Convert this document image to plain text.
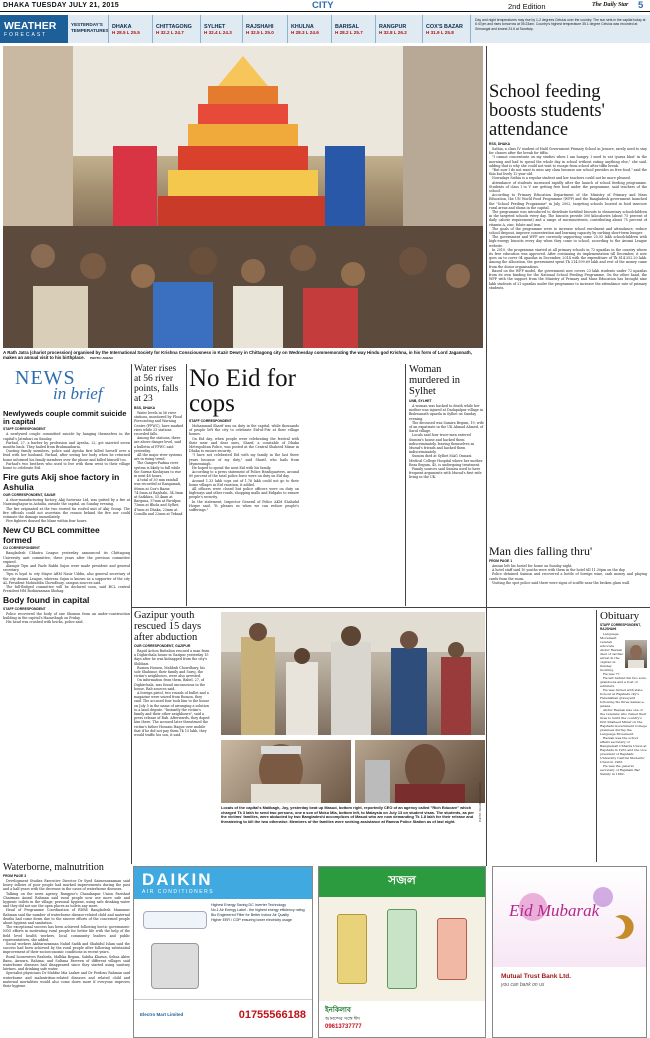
DHAKA TUESDAY JULY 21, 2015	CITY	2nd Edition	The Daily Star 5
WEATHER
FORECAST
YESTERDAY'S TEMPERATURES
DHAKA
H 28.5 L 25.5
CHITTAGONG
H 32.2 L 24.7
SYLHET
H 32.4 L 24.3
RAJSHAHI
H 32.5 L 25.0
KHULNA
H 28.3 L 24.6
BARISAL
H 28.2 L 25.7
RANGPUR
H 32.8 L 26.2
COX'S BAZAR
H 31.9 L 25.8
Day and night temperatures may rise by 1-2 degrees Celsius over the country. The sun sets in the capital today at 6:47pm and rises tomorrow at 05:23am. Country's highest temperature 35.1 degree Celsius was recorded at Srimangal and lowest 24.6 at Sandwip.
A Rath Jatra (chariot procession) organised by the International Society for Krishna Consciousness in Kazir Dewry in Chittagong city on Wednesday commemorating the way Hindu god Krishna, in his form of Lord Jagannath, makes an annual visit to his birthplace. PHOTO: ANJAN
School feeding boosts students' attendance
RSS, DHAKA

Sathia, a class IV student of Halil Government Primary School in Jessore, rarely used to stay for classes after the break for tiffin.

"I cannot concentrate on my studies when I am hungry. I used to eat 'guava bhat' in the morning and had to spend the whole day in school without eating anything else," she said, adding that is why she could not wait to escape from school after tiffin break.

"But now I do not want to miss any class because our school provides us free food," said the thin but lively 12-year-old.

Nowadays Sathia is a regular student and her teachers could not be more pleased.

Attendance of students increased rapidly after the launch of school feeding programme. Students of class I to V are getting free food under the programme, said teachers of the school.

According to Primary Education Department of the Ministry of Primary and Mass Education, the UN World Food Programme (WFP) and the Bangladesh government launched the "School Feeding Programme" in July 2002, targeting schools located in food insecure rural areas and slums in the capital.

The programme was introduced to distribute fortified biscuits to elementary schoolchildren in the targeted schools every day. The biscuits provide 300 kilocalories (about 75 percent of daily calorie requirement) and a range of micronutrients, contributing about 75 percent of vitamin A, zinc, folate and iron.

The goals of the programme were to increase school enrolment and attendance, reduce school dropout, improve concentration and learning capacity by curbing short-term hunger.

The government and WFP are currently supporting some 25.55 lakh schoolchildren with high-energy biscuits every day when they come to school, according to the Awami League website.

In 2010, the programme started at all primary schools in 72 upazilas in the country where its free education was approved. After continuing its implementation till December, it now goes on to cover 94 upazilas in December, 2014 with the expenditure of Tk 814.352.20 lakh. Among the allocation, the government spent Tk 214.599.69 lakh and rest of the money came from the donor organisations.

Based on the WFP model, the government now covers 23 lakh students under 72 upazilas from its own funding for the National School Feeding Programme. On the other hand, the WFP with the support from the Ministry of Primary and Mass Education has brought nine lakh students of 21 upazilas under the programme to increase the attendance rate of primary students.

NEWS
in brief
Newlyweds couple commit suicide in capital
STAFF CORRESPONDENT

A newlywed couple committed suicide by hanging themselves in the capital's Jatrabari on Sunday.

Farhad, 27, a barber by profession and Ayesha, 22, got married seven months back. They hailed from Brahmanbaria.

Quoting family members, police said Ayesha first killed herself over a feud with her husband. Farhad, after seeing her body when he returned home informed his family members over the phone and killed himself too.

Farhad's two brothers who used to live with them went to their village home to celebrate Eid.

Fire guts Akij shoe factory in Ashulia
OUR CORRESPONDENT, SAVAR

A shoe-manufacturing factory, Akij footwear Ltd, was gutted by a fire at Narasinghapur in Ashulia, outside the capital, on Sunday evening.

The fire originated at the two storied tin roofed unit of Akij Group. The fire officials could not ascertain the reason behind the fire nor could estimate the damage immediately.

Fire fighters doused the blaze within four hours.

New CU BCL committee formed
CU CORRESPONDENT

Bangladesh Chhatra League yesterday announced its Chittagong University unit committee, three years after the previous committee expired.

Alamgir Tipu and Fazle Rabbi Sujon were made president and general secretary.

Tipu is loyal to city Mayor ABM Nasir Uddin, also general secretary of the city Awami League, whereas Sujan is known as a supporter of the city AL President Mohiuddin Chowdhury, campus sources said.

The full-fledged committee will be declared soon, said BCL central President HM Bodiuzzaman Shohag.

Body found in capital
STAFF CORRESPONDENT

Police recovered the body of one Shomon from an under-construction building in the capital's Hazaribagh on Friday.

His head was crushed with bricks, police said.

Waterborne, malnutrition
FROM PAGE 3

Development Studies Executive Director Dr Syed Saimenuzzaman said heavy inflows of poor people had marked improvements during the past and a half years with the decrease in the cases of waterborne diseases.

Talking on the news agency, Rangpur's Chandanpur Union Parishad Chairman Anisul Rahman said rural people now use more safe and hygienic toilets in the village, personal hygiene, using safe drinking water and they did not use the open places as toilets any more.

Head of Programme Coordination of RDRS Bangladesh Mamunur Rahman said the number of waterborne disease-related child and maternal deaths had come down due to the sincere efforts of the concerned people about hygiene and sanitation.

The exceptional success has been achieved following hectic government-NGO efforts in motivating rural people for better life with the help of the field level health workers, local community leaders and public representatives, she added.

Social workers Akhtaruzzaman Nahid Sadik and Shahidul Islam said the success had been achieved by the rural people after following substantial improvement of their socioeconomic conditions in recent years.

Rural housewives Rasheda, Mallika Begum, Sabiha Khatun, Selina Akter Banu, Anwara, Rahima, and Sultana Parveen of different villages said waterborne diseases had disappeared since they started using sanitary latrines, and drinking safe water.

Specialist physicians Dr Mahfuz Mia Lasker and Dr Ferdous Rahman said waterborne and malnutrition-related diseases and related child and maternal mortalities would also come down more if everyone improves their hygiene.

Water rises at 56 river points, falls at 23
BSS, DHAKA

Water levels in 56 river stations, monitored by Flood Forecasting and Warning Centre (FFWC), have marked rises while 23 stations recorded falls.

Among the stations, there are above danger level, said a bulletin of FFWC said yesterday.

All the major river systems are in rising trend.

The Ganges-Padma river system is likely to fall while the Surma-Kushiyara to rise in next 48 hours.

A total of 30 mm rainfall was recorded at Rangamati, 80mm at Cox's Bazar, 74.5mm at Rajshahi, 54.5mm at Satkhira, 53.4mm at Barguna, 57mm at Faridpur, 73mm at Bhola and Sylhet, 47mm at Dhaka, 23mm at Comilla and 22mm at Teknaf.

No Eid for cops
STAFF CORRESPONDENT

Mohammad Sharif was on duty in the capital, while thousands of people left the city to celebrate Eid-ul-Fitr at their village homes.

On Eid day, when people were celebrating the festival with their near and dear ones, Sharif, a constable of Dhaka Metropolitan Police, was posted at the Central Shaheed Minar in Dhaka to ensure security.

"I have not celebrated Eid with my family in the last three years because of my duty," said Sharif, who hails from Mymensingh.

He hoped to spend the next Eid with his family.

According to a press statement of Police Headquarters, around 80 percent of the total police force were on duty on Eid day.

Around 1.33 lakh cops out of 1.76 lakh could not go to their home villages in Eid vacation, it added.

All officers were closed but police officers were on duty on highways and other roads, shopping malls and Eidgahs to ensure people's security.

In the statement, Inspector General of Police AKM Shahidul Hoque said, "It pleases us when we can reduce people's sufferings."

Woman murdered in Sylhet
UNB, SYLHET

A woman was hacked to death while her mother was injured at Dadapalpur village in Bishwanath upazila in Sylhet on Sunday evening.

The deceased was Sumira Begum, 19, wife of an expatriate in the UK Ahmad Ahmed, of Sarul village.

Locals said four truce-men entered Sumira's house and hacked them indiscriminately, leaving themselves as Murad's friends and hacked them indiscriminately.

Sumira died at Sylhet MAG Osmani Medical College Hospital where her mother Reza Begum, 45, is undergoing treatment.

Family sources said Sumira used to have frequent arguments with Murad's first wife living in the UK.

Man dies falling thru'
FROM PAGE 1

Amran left his hostel for home on Sunday night.

A hotel staff said 10 youths were with them in the hotel till 11.30pm on the day.

Police detained Saimon and recovered a bottle of foreign wine, cash money and playing cards from the room.

Visiting the spot police said there were signs of scuffle near the broken glass wall.

Gazipur youth rescued 15 days after abduction
OUR CORRESPONDENT, GAZIPUR

Rapid Action Battalion rescued a man from a Dighirchala house in Gazipur yesterday 15 days after he was kidnapped from the city's Shibbari.

Rumon Hossen, Mahbub Chowdhury, his sole Shahinur, their family and Suruj, the victim's neighbours, were also arrested.

On information from them, Babel, 27, of Dighirchala, was found unconscious in the house, Rab sources said.

A foreign pistol, two rounds of bullet and a magazine were seized from Rumon, they said. The accused four took him to the house on July 5 in the name of arranging a solution to a land dispute. "Instantly the victim's family and their other neighbours", said a press release of Rab. Afterwards, they doped him there. The accused later threatened the victim's father Hossain Haque over mobile that if he did not pay them Tk 15 lakh, they would traffic his son, it said.

Locals of the capital's Malibagh, Joy, yesterday beat up Masud, bottom right, reportedly CEO of an agency called "Rich Educare" which charged Tk 3 lakh to send two persons, one a son of Moku Mia, bottom left, to Malaysia on July 13 on student visas. The students, as per the victims' families, were abducted by two Bangladeshi accomplices of Masud who are now demanding Tk 1.8 lakh for their release and threatening to kill the two otherwise. Members of the families were seeking assistance at Ramna Police Station as of last night.	PHOTO: SHAHIDUL ISLAM KHAN
Obituary
STAFF CORRESPONDENT, RAJSHAHI

Language Movement veteran advocate Abdur Razzak died of cardiac arrest in the capital on Sunday morning.

He was 77.

He left behind his two sons, grandsons and a host of admirers.

He was buried with state honour at Rajshahi city's Hetemkhan graveyard following his three namaz-e-janaza.

Abdur Razzak was one of the veterans who risked their lives to build the country's first Shaheed Minar on the Rajshahi Government College premises during the Language Movement.

Razzak was the school affairs secretary of Bangladesh Chhatra Union at Rajshahi in 1955 and the vice president of Rajshahi University Central Students' Union in 1963.

He was the general secretary of Rajshahi Bar Samity in 1992.

DAIKIN
AIR CONDITIONERS
Highest Energy Saving DC Inverter Technology
No.1 Air Energy Label - the highest energy efficiency rating
Bio Engineered Filter for Better Indoor Air Quality
Higher EER / COP ensuring lower electricity usage
Electro Mart Limited	01755566188
সজল
ইনকিলাব
আনন্দের সঙ্গে ঈদ
09613737777
Eid Mubarak
Mutual Trust Bank Ltd.
you can bank on us
